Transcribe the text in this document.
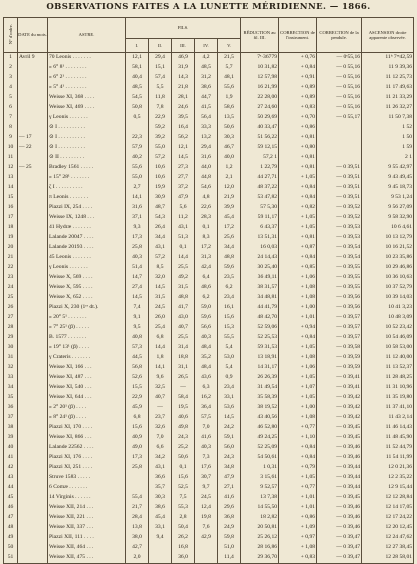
OBSERVATIONS FAITES A LA LUNETTE MÉRIDIENNE. — 1866.
N° d'ordre.	DATE du mois.	ASTRE.	FILS.					RÉDUCTION au fil. III.	CORRECTION de l'instrument.	CORRECTION de la pendule.	ASCENSION droite apparente observée.
			I.	II.	III.	IV.	V.				
1	Avril 9	70 Leonis . . . . . . .	12,1	29,4	46,9	4,2	21,5	7ˢ·36779	+ 0,76	— 0ˢ55,16	11ʰ 7ᵐ42,59
2		» 6° 8¹ . . . . . . . .	58,1	15,1	31,9	48,5	5,7	10 31,82	+ 0,84	— 0 55,16	11 9 39,36
3		» 6° 2¹ . . . . . . . .	40,4	57,4	14,3	31,2	48,1	12 57,98	+ 0,91	— 0 55,16	11 12 25,73
4		» 5° 4¹ . . . . . . . .	48,5	5,5	21,8	38,6	55,6	16 21,99	+ 0,89	— 0 55,16	11 17 49,63
5		Weisse XI, 368 . . . .	54,5	11,8	28,1	44,7	1,9	22 28,00	+ 0,89	— 0 55,16	11 21 33,29
6		Weisse XI, 469 . . . .	50,8	7,8	24,6	41,5	58,6	27 24,60	+ 0,83	— 0 55,16	11 26 32,27
7		γ Leonis . . . . . . .	0,5	22,9	39,5	56,4	13,5	50 29,69	+ 0,70	— 0 55,17	11 50 7,38
8		⊙ I . . . . . . . . . .		59,2	16,4	33,3	50,6	40 33,47	+ 0,86		1 52
9	— 17	⊙ I . . . . . . . . . .	22,3	39,2	56,2	13,2	30,3	51 56,22	+ 0,81		1 50
10	— 22	⊙ I . . . . . . . . . .	57,9	55,0	12,1	29,4	46,7	59 12,15	+ 0,80		1 59
11		⊙ II . . . . . . . . .	40,2	57,2	14,5	31,6	40,0	57,2 1	+ 0,81		2 1
12	— 25	Bradley 1561 . . . . .	55,6	10,6	27,3	44,0	1,2	1 22,79	+ 0,81	— 0 39,51	9 55 42,97
13		» 15° 28¹ . . . . . . .	55,0	10,6	27,7	44,8	2,1	44 27,71	+ 1,05	— 0 39,51	9 43 49,45
14		ζ I . . . . . . . . . .	2,7	19,9	37,2	54,6	12,0	48 37,22	+ 0,84	— 0 39,51	9 45 18,73
15		π Leonis . . . . . . .	14,1	30,9	47,9	4,8	21,9	53 47,82	+ 0,84	— 0 39,51	9 53 1,24
16		Piazzi IX, 254 . . . .	31,6	48,7	5,6	22,6	39,9	57 5,30	+ 0,82	— 0 39,52	9 56 27,09
17		Weisse IX, 1248 . . .	37,1	54,3	11,2	28,3	45,4	59 11,17	+ 1,05	— 0 39,52	9 58 32,90
18		41 Hydræ . . . . . . .	9,3	26,4	43,1	0,1	17,2	6 43,37	+ 1,05	— 0 39,53	10 6 4,61
19		Lalande 20047 . . . .	17,3	34,4	51,3	8,3	25,6	13 51,31	+ 0,81	— 0 39,53	10 13 12,79
20		Lalande 20193 . . . .	25,8	43,1	0,1	17,2	34,4	16 0,03	+ 0,87	— 0 39,54	10 16 21,52
21		45 Leonis . . . . . . .	40,3	57,2	14,4	31,3	48,8	24 14,43	+ 0,84	— 0 39,54	10 23 35,86
22		γ Leonis . . . . . . .	51,4	8,5	25,5	42,4	59,6	30 25,40	+ 0,85	— 0 39,55	10 29 46,86
23		Weisse X, 569 . . . .	14,7	32,0	49,2	6,4	23,5	36 49,11	+ 1,06	— 0 39,55	10 36 10,63
24		Weisse X, 595 . . . .	27,4	14,5	31,5	48,6	6,2	38 31,57	+ 1,08	— 0 39,55	10 37 52,79
25		Weisse X, 652 . . . .	14,5	31,5	48,8	6,2	23,4	34 48,81	+ 1,08	— 0 39,56	10 39 14,03
26		Piazzi X, 230 (1ʳᵉ dt.).	7,4	24,5	41,7	59,0	16,1	44 41,79	+ 1,00	— 0 39,56	10 41 3,23
27		» 20° 5¹ . . . . . . .	9,1	26,0	43,0	59,6	15,6	48 42,70	+ 1,01	— 0 39,57	10 48 3,09
28		» 7° 25¹ (β) . . . . .	9,5	25,4	40,7	56,6	15,3	52 59,06	+ 0,94	— 0 39,57	10 52 23,42
29		B. 1577 . . . . . . .	40,8	6,8	25,5	40,3	55,5	52 25,53	+ 0,84	— 0 39,57	10 54 46,09
30		» 19° 13¹ (β) . . . .	57,3	14,4	31,4	48,4	5,4	59 31,53	+ 1,05	— 0 39,58	10 58 53,00
31		γ Crateris . . . . . . .	44,5	1,8	18,8	35,2	53,0	13 18,91	+ 1,08	— 0 39,59	11 12 40,00
32		Weisse XI, 166 . . .	56,8	14,1	31,1	48,4	5,4	14 31,17	+ 1,06	— 0 39,59	11 13 52,37
33		Weisse XI, 487 . . .	52,6	9,6	26,5	43,6	0,9	26 26,39	+ 1,05	— 0 39,41	11 28 48,25
34		Weisse XI, 540 . . .	15,5	32,5	—	6,3	23,4	31 49,54	+ 1,07	— 0 39,41	11 31 10,96
35		Weisse XI, 644 . . .	22,9	40,7	58,4	16,2	33,1	35 58,39	+ 1,05	— 0 39,42	11 35 19,80
36		» 2° 20¹ (β) . . . .	45,9	—	19,5	36,4	53,6	38 19,52	+ 1,00	— 0 39,42	11 37 41,10
37		» 8° 24¹ (β) . . . .	6,8	23,7	40,6	57,5	14,5	43 40,56	+ 1,08	— 0 39,42	11 43 2,14
38		Piazzi XI, 170 . . . .	15,6	32,6	49,8	7,0	24,2	46 52,80	+ 0,77	— 0 39,45	11 46 14,43
39		Weisse XI, 866 . . .	40,9	7,0	24,3	41,6	59,1	49 24,25	+ 1,10	— 0 39,45	11 48 45,90
40		Lalande 22562 . . . .	49,0	6,6	25,2	40,3	56,0	52 25,09	+ 0,84	— 0 39,46	11 52 44,79
41		Piazzi XI, 176 . . . .	17,3	34,2	50,6	7,3	24,3	54 50,61	+ 0,84	— 0 39,46	11 54 11,99
42		Piazzi XI, 251 . . . .	25,8	43,1	0,1	17,6	34,8	1 0,31	+ 0,79	— 0 39,44	12 0 21,36
43		Struve 1583 . . . . .		36,6	15,6	30,7	47,9	3 15,61	+ 1,05	— 0 39,44	12 2 35,22
44		6 Comæ . . . . . . .		35,7	52,5	9,7	27,1	9 52,57	+ 0,77	— 0 39,44	12 9 15,44
45		14 Virginis . . . . . .	55,4	30,3	7,5	24,5	41,6	13 7,38	+ 1,01	— 0 39,45	12 12 28,84
46		Weisse XII, 214 . . .	21,7	38,6	55,3	12,4	29,6	14 55,50	+ 1,01	— 0 39,46	12 14 17,05
47		Weisse XII, 221 . . .	28,4	45,4	2,8	19,8	36,8	18 2,82	+ 0,86	— 0 39,46	12 17 24,22
48		Weisse XII, 337 . . .	13,8	33,1	50,4	7,6	24,9	20 50,81	+ 1,09	— 0 39,46	12 20 12,45
49		Piazzi XII, 111 . . . .	38,0	9,4	26,2	42,9	59,8	25 26,12	+ 0,97	— 0 39,47	12 24 47,62
50		Weisse XII, 464 . . .	42,7		16,8		51,0	28 16,86	+ 1,08	— 0 39,47	12 27 38,45
51		Weisse XII, 475 . . .	2,0		36,0		11,4	29 36,70	+ 0,83	— 0 39,47	12 28 58,01
